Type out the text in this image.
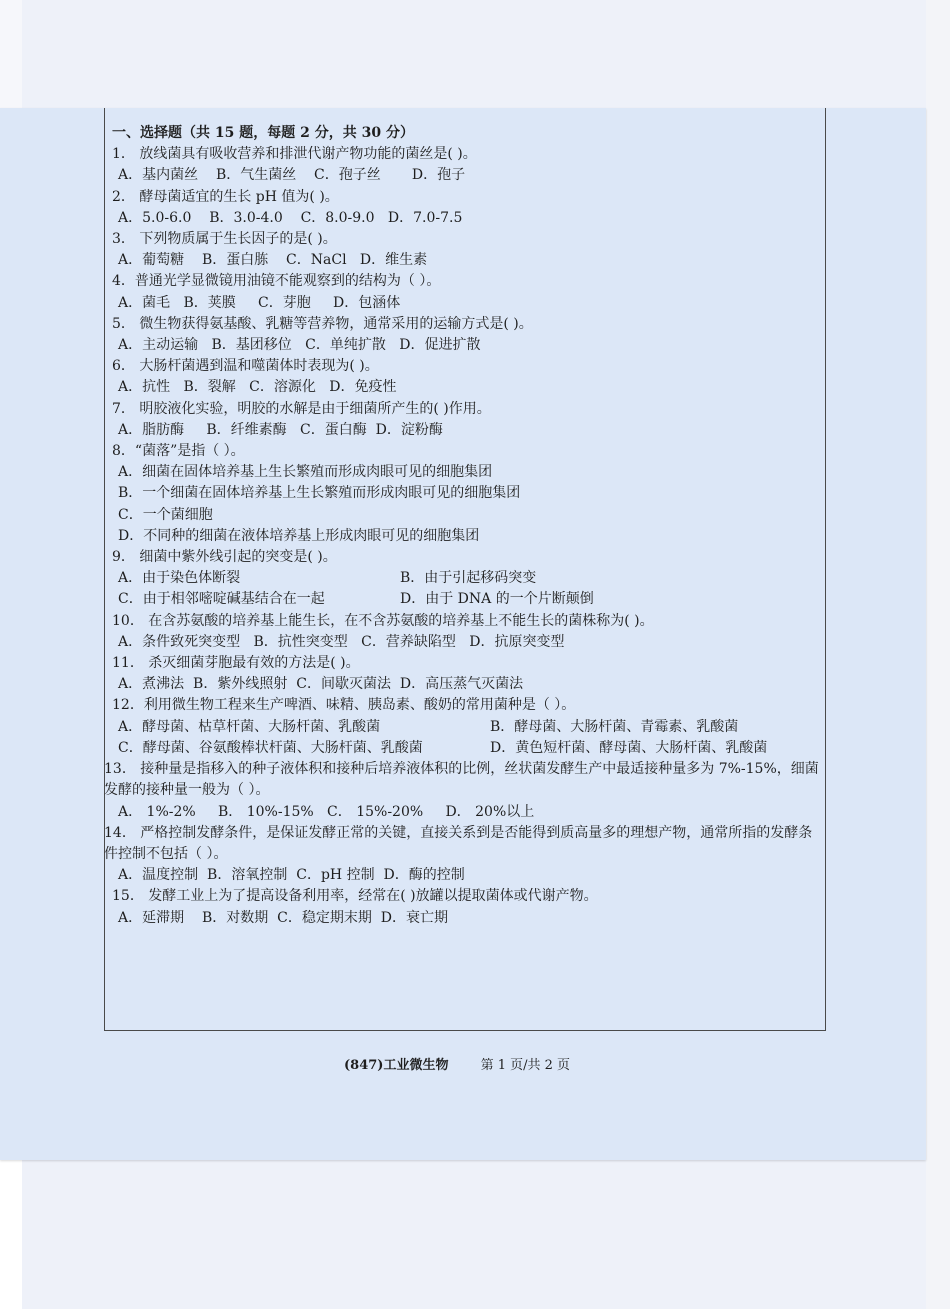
一、选择题（共 15 题，每题 2 分，共 30 分）
1． 放线菌具有吸收营养和排泄代谢产物功能的菌丝是( )。
A．基内菌丝 B．气生菌丝 C．孢子丝 D．孢子
2． 酵母菌适宜的生长 pH 值为( )。
A．5.0-6.0 B．3.0-4.0 C．8.0-9.0 D．7.0-7.5
3． 下列物质属于生长因子的是( )。
A．葡萄糖 B．蛋白胨 C．NaCl D．维生素
4．普通光学显微镜用油镜不能观察到的结构为（ ）。
A．菌毛 B．荚膜 C．芽胞 D．包涵体
5． 微生物获得氨基酸、乳糖等营养物，通常采用的运输方式是( )。
A．主动运输 B．基团移位 C．单纯扩散 D．促进扩散
6． 大肠杆菌遇到温和噬菌体时表现为( )。
A．抗性 B．裂解 C．溶源化 D．免疫性
7． 明胶液化实验，明胶的水解是由于细菌所产生的( )作用。
A．脂肪酶 B．纤维素酶 C．蛋白酶 D．淀粉酶
8．“菌落”是指（ ）。
A．细菌在固体培养基上生长繁殖而形成肉眼可见的细胞集团
B．一个细菌在固体培养基上生长繁殖而形成肉眼可见的细胞集团
C．一个菌细胞
D．不同种的细菌在液体培养基上形成肉眼可见的细胞集团
9． 细菌中紫外线引起的突变是( )。
A．由于染色体断裂	B．由于引起移码突变
C．由于相邻嘧啶碱基结合在一起	D．由于 DNA 的一个片断颠倒
10． 在含苏氨酸的培养基上能生长，在不含苏氨酸的培养基上不能生长的菌株称为( )。
A．条件致死突变型 B．抗性突变型 C．营养缺陷型 D．抗原突变型
11． 杀灭细菌芽胞最有效的方法是( )。
A．煮沸法 B．紫外线照射 C．间歇灭菌法 D．高压蒸气灭菌法
12．利用微生物工程来生产啤酒、味精、胰岛素、酸奶的常用菌种是（ ）。
A．酵母菌、枯草杆菌、大肠杆菌、乳酸菌	B．酵母菌、大肠杆菌、青霉素、乳酸菌
C．酵母菌、谷氨酸棒状杆菌、大肠杆菌、乳酸菌	D．黄色短杆菌、酵母菌、大肠杆菌、乳酸菌
13． 接种量是指移入的种子液体积和接种后培养液体积的比例，丝状菌发酵生产中最适接种量多为 7%-15%，细菌发酵的接种量一般为（ ）。
A． 1%-2% B． 10%-15% C． 15%-20% D． 20%以上
14． 严格控制发酵条件，是保证发酵正常的关键，直接关系到是否能得到质高量多的理想产物，通常所指的发酵条件控制不包括（ ）。
A．温度控制 B．溶氧控制 C．pH 控制 D．酶的控制
15． 发酵工业上为了提高设备利用率，经常在( )放罐以提取菌体或代谢产物。
A．延滞期 B．对数期 C．稳定期末期 D．衰亡期
(847)工业微生物 第 1 页/共 2 页
